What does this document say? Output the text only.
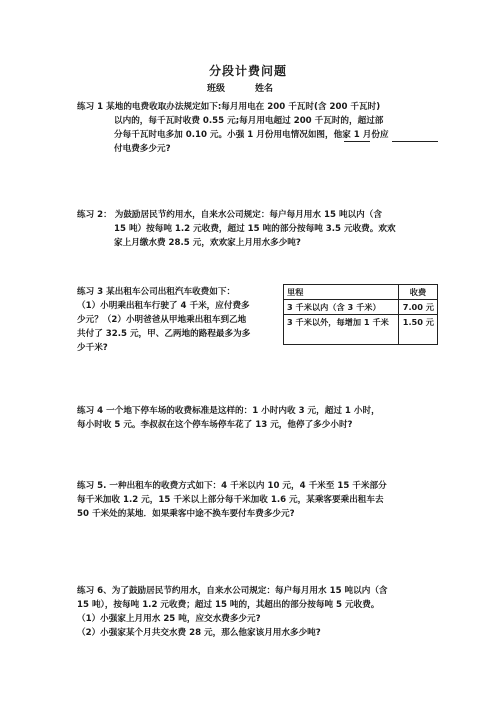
分段计费问题
班级	姓名
练习 1 某地的电费收取办法规定如下:每月用电在 200 千瓦时(含 200 千瓦时)
以内的，每千瓦时收费 0.55 元;每月用电超过 200 千瓦时的，超过部
分每千瓦时电多加 0.10 元。小强 1 月份用电情况如图，他家 1 月份应
付电费多少元?
练习 2： 为鼓励居民节约用水，自来水公司规定：每户每月用水 15 吨以内（含
15 吨）按每吨 1.2 元收费，超过 15 吨的部分按每吨 3.5 元收费。欢欢
家上月缴水费 28.5 元，欢欢家上月用水多少吨?
练习 3 某出租车公司出租汽车收费如下：
（1）小明乘出租车行驶了 4 千米，应付费多
少元？（2）小明爸爸从甲地乘出租车到乙地
共付了 32.5 元，甲、乙两地的路程最多为多
少千米?
里程	收费
3 千米以内（含 3 千米）	7.00 元
3 千米以外，每增加 1 千米	1.50 元
练习 4 一个地下停车场的收费标准是这样的：1 小时内收 3 元，超过 1 小时，
每小时收 5 元。李叔叔在这个停车场停车花了 13 元，他停了多少小时?
练习 5. 一种出租车的收费方式如下：4 千米以内 10 元，4 千米至 15 千米部分
每千米加收 1.2 元，15 千米以上部分每千米加收 1.6 元，某乘客要乘出租车去
50 千米处的某地．如果乘客中途不换车要付车费多少元?
练习 6、为了鼓励居民节约用水，自来水公司规定：每户每月用水 15 吨以内（含
15 吨），按每吨 1.2 元收费；超过 15 吨的，其超出的部分按每吨 5 元收费。
（1）小强家上月用水 25 吨，应交水费多少元?
（2）小强家某个月共交水费 28 元，那么他家该月用水多少吨?
